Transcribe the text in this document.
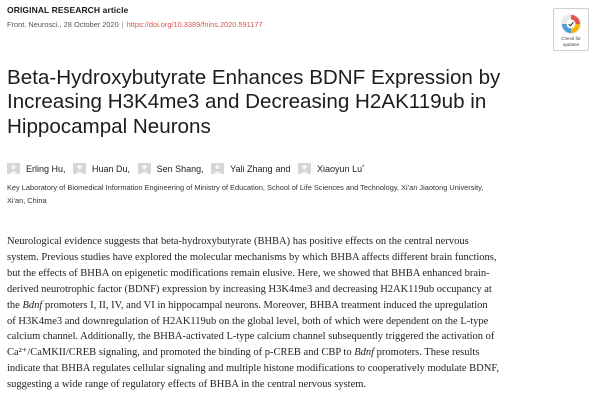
ORIGINAL RESEARCH article
Front. Neurosci., 28 October 2020 | https://doi.org/10.3389/fnins.2020.591177
Check for
updates
Beta-Hydroxybutyrate Enhances BDNF Expression by
Increasing H3K4me3 and Decreasing H2AK119ub in
Hippocampal Neurons
Erling Hu,	Huan Du,	Sen Shang,	Yali Zhang and	Xiaoyun Lu*
Key Laboratory of Biomedical Information Engineering of Ministry of Education, School of Life Sciences and Technology, Xi'an Jiaotong University,
Xi'an, China

Neurological evidence suggests that beta-hydroxybutyrate (BHBA) has positive effects on the central nervous

system. Previous studies have explored the molecular mechanisms by which BHBA affects different brain functions,

but the effects of BHBA on epigenetic modifications remain elusive. Here, we showed that BHBA enhanced brain-

derived neurotrophic factor (BDNF) expression by increasing H3K4me3 and decreasing H2AK119ub occupancy at

the Bdnf promoters I, II, IV, and VI in hippocampal neurons. Moreover, BHBA treatment induced the upregulation

of H3K4me3 and downregulation of H2AK119ub on the global level, both of which were dependent on the L-type

calcium channel. Additionally, the BHBA-activated L-type calcium channel subsequently triggered the activation of

Ca²⁺/CaMKII/CREB signaling, and promoted the binding of p-CREB and CBP to Bdnf promoters. These results

indicate that BHBA regulates cellular signaling and multiple histone modifications to cooperatively modulate BDNF,

suggesting a wide range of regulatory effects of BHBA in the central nervous system.
